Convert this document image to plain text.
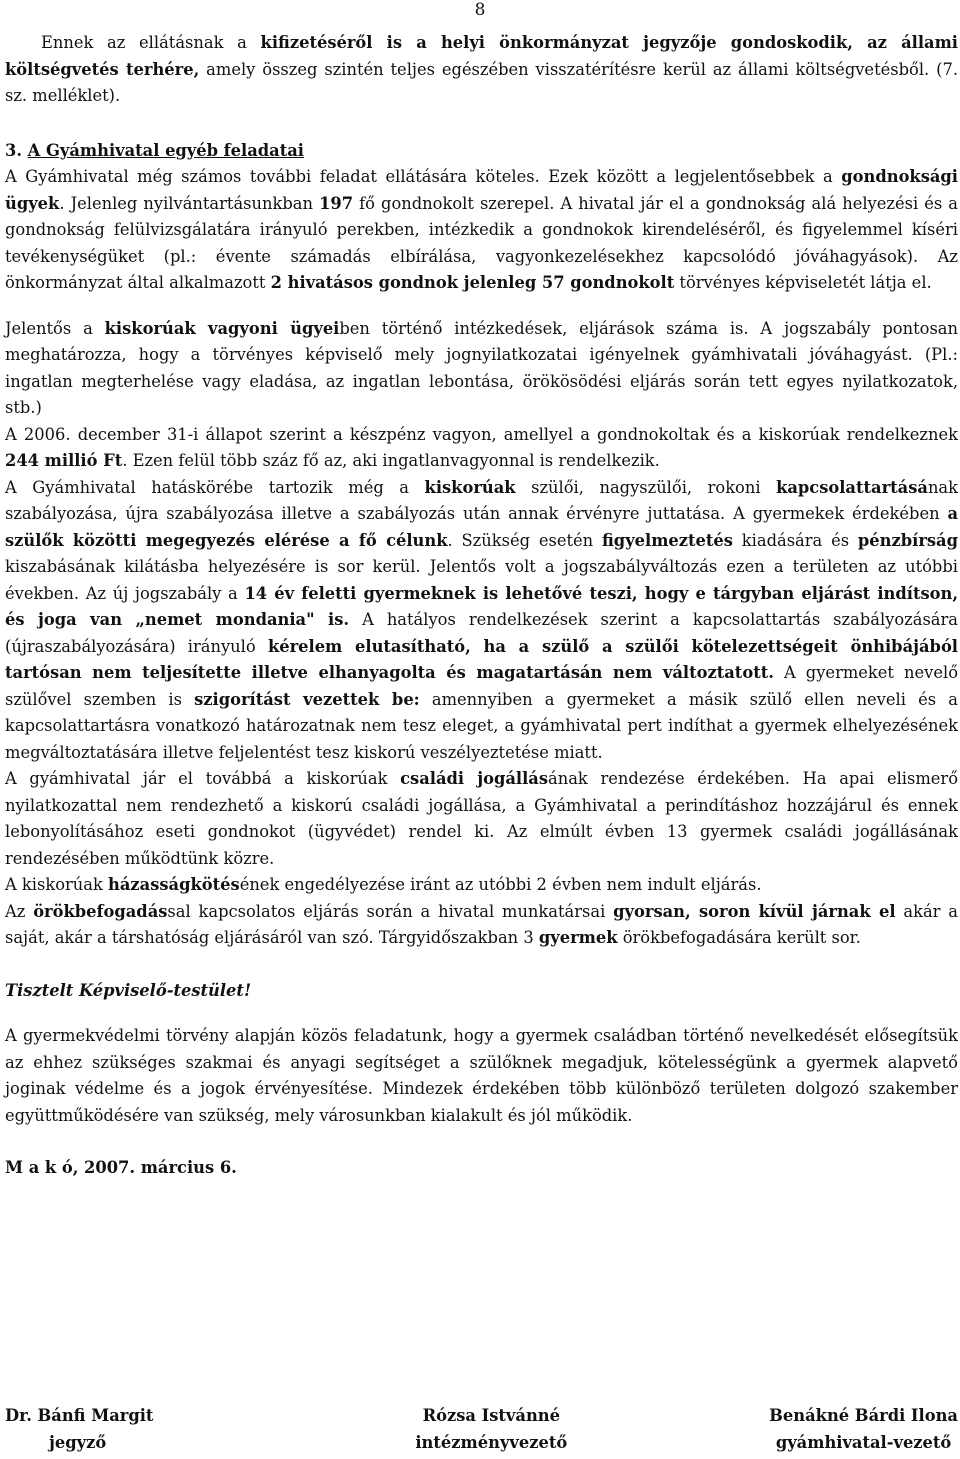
8

Ennek az ellátásnak a kifizetéséről is a helyi önkormányzat jegyzője gondoskodik, az állami költségvetés terhére, amely összeg szintén teljes egészében visszatérítésre kerül az állami költségvetésből. (7. sz. melléklet).

3. A Gyámhivatal egyéb feladatai

A Gyámhivatal még számos további feladat ellátására köteles. Ezek között a legjelentősebbek a gondnoksági ügyek. Jelenleg nyilvántartásunkban 197 fő gondnokolt szerepel. A hivatal jár el a gondnokság alá helyezési és a gondnokság felülvizsgálatára irányuló perekben, intézkedik a gondnokok kirendeléséről, és figyelemmel kíséri tevékenységüket (pl.: évente számadás elbírálása, vagyonkezelésekhez kapcsolódó jóváhagyások). Az önkormányzat által alkalmazott 2 hivatásos gondnok jelenleg 57 gondnokolt törvényes képviseletét látja el.

Jelentős a kiskorúak vagyoni ügyeiben történő intézkedések, eljárások száma is. A jogszabály pontosan meghatározza, hogy a törvényes képviselő mely jognyilatkozatai igényelnek gyámhivatali jóváhagyást. (Pl.: ingatlan megterhelése vagy eladása, az ingatlan lebontása, örökösödési eljárás során tett egyes nyilatkozatok, stb.)

A 2006. december 31-i állapot szerint a készpénz vagyon, amellyel a gondnokoltak és a kiskorúak rendelkeznek 244 millió Ft. Ezen felül több száz fő az, aki ingatlanvagyonnal is rendelkezik.

A Gyámhivatal hatáskörébe tartozik még a kiskorúak szülői, nagyszülői, rokoni kapcsolattartásának szabályozása, újra szabályozása illetve a szabályozás után annak érvényre juttatása. A gyermekek érdekében a szülők közötti megegyezés elérése a fő célunk. Szükség esetén figyelmeztetés kiadására és pénzbírság kiszabásának kilátásba helyezésére is sor kerül. Jelentős volt a jogszabályváltozás ezen a területen az utóbbi években. Az új jogszabály a 14 év feletti gyermeknek is lehetővé teszi, hogy e tárgyban eljárást indítson, és joga van „nemet mondania" is. A hatályos rendelkezések szerint a kapcsolattartás szabályozására (újraszabályozására) irányuló kérelem elutasítható, ha a szülő a szülői kötelezettségeit önhibájából tartósan nem teljesítette illetve elhanyagolta és magatartásán nem változtatott. A gyermeket nevelő szülővel szemben is szigorítást vezettek be: amennyiben a gyermeket a másik szülő ellen neveli és a kapcsolattartásra vonatkozó határozatnak nem tesz eleget, a gyámhivatal pert indíthat a gyermek elhelyezésének megváltoztatására illetve feljelentést tesz kiskorú veszélyeztetése miatt.

A gyámhivatal jár el továbbá a kiskorúak családi jogállásának rendezése érdekében. Ha apai elismerő nyilatkozattal nem rendezhető a kiskorú családi jogállása, a Gyámhivatal a perindításhoz hozzájárul és ennek lebonyolításához eseti gondnokot (ügyvédet) rendel ki. Az elmúlt évben 13 gyermek családi jogállásának rendezésében működtünk közre.

A kiskorúak házasságkötésének engedélyezése iránt az utóbbi 2 évben nem indult eljárás.

Az örökbefogadással kapcsolatos eljárás során a hivatal munkatársai gyorsan, soron kívül járnak el akár a saját, akár a társhatóság eljárásáról van szó. Tárgyidőszakban 3 gyermek örökbefogadására került sor.

Tisztelt Képviselő-testület!

A gyermekvédelmi törvény alapján közös feladatunk, hogy a gyermek családban történő nevelkedését elősegítsük az ehhez szükséges szakmai és anyagi segítséget a szülőknek megadjuk, kötelességünk a gyermek alapvető joginak védelme és a jogok érvényesítése. Mindezek érdekében több különböző területen dolgozó szakember együttműködésére van szükség, mely városunkban kialakult és jól működik.

M a k ó, 2007. március 6.

Dr. Bánfi Margit
jegyző
Rózsa Istvánné
intézményvezető
Benákné Bárdi Ilona
gyámhivatal-vezető
